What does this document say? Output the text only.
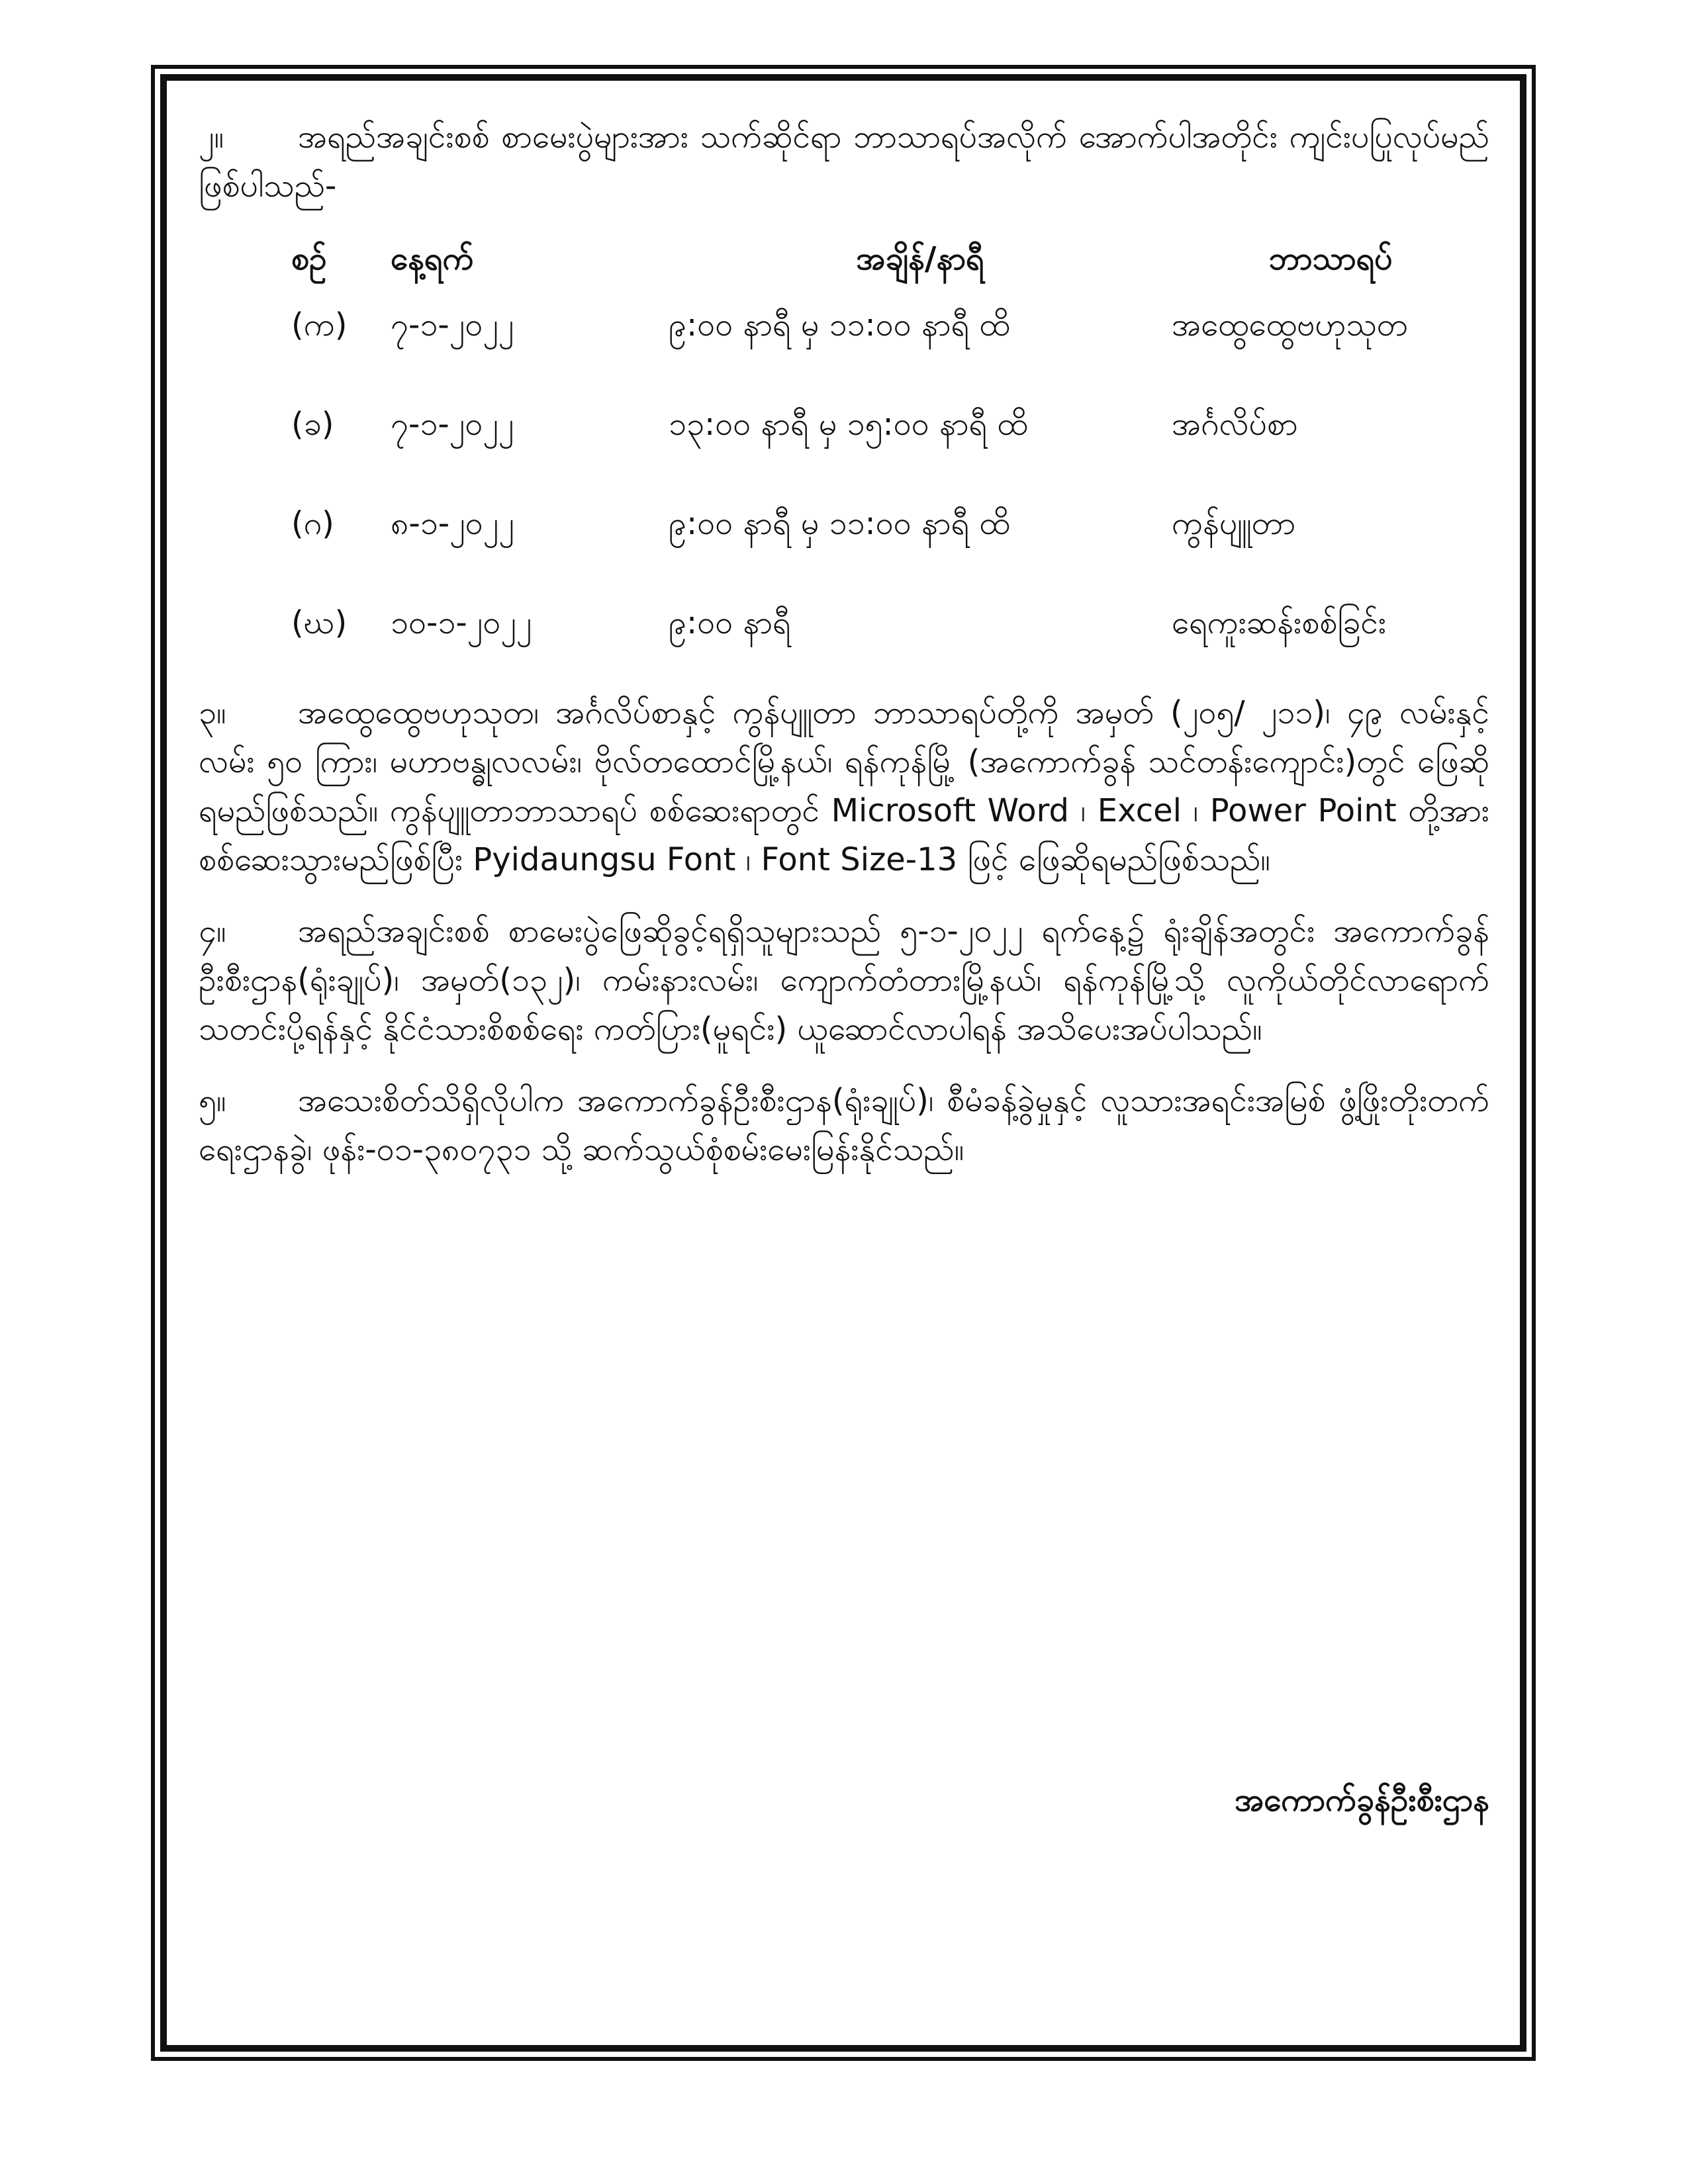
၂။ အရည်အချင်းစစ် စာမေးပွဲများအား သက်ဆိုင်ရာ ဘာသာရပ်အလိုက် အောက်ပါအတိုင်း ကျင်းပပြုလုပ်မည် ဖြစ်ပါသည်-

စဉ်	နေ့ရက်	အချိန်/နာရီ	ဘာသာရပ်
(က)	၇-၁-၂၀၂၂	၉:၀၀ နာရီ မှ ၁၁:၀၀ နာရီ ထိ	အထွေထွေဗဟုသုတ
(ခ)	၇-၁-၂၀၂၂	၁၃:၀၀ နာရီ မှ ၁၅:၀၀ နာရီ ထိ	အင်္ဂလိပ်စာ
(ဂ)	၈-၁-၂၀၂၂	၉:၀၀ နာရီ မှ ၁၁:၀၀ နာရီ ထိ	ကွန်ပျူတာ
(ဃ)	၁၀-၁-၂၀၂၂	၉:၀၀ နာရီ	ရေကူးဆန်းစစ်ခြင်း

၃။ အထွေထွေဗဟုသုတ၊ အင်္ဂလိပ်စာနှင့် ကွန်ပျူတာ ဘာသာရပ်တို့ကို အမှတ် (၂၀၅/ ၂၁၁)၊ ၄၉ လမ်းနှင့် လမ်း ၅၀ ကြား၊ မဟာဗန္ဓုလလမ်း၊ ဗိုလ်တထောင်မြို့နယ်၊ ရန်ကုန်မြို့ (အကောက်ခွန် သင်တန်းကျောင်း)တွင် ဖြေဆိုရမည်ဖြစ်သည်။ ကွန်ပျူတာဘာသာရပ် စစ်ဆေးရာတွင် Microsoft Word ၊ Excel ၊ Power Point တို့အား စစ်ဆေးသွားမည်ဖြစ်ပြီး Pyidaungsu Font ၊ Font Size-13 ဖြင့် ဖြေဆိုရမည်ဖြစ်သည်။

၄။ အရည်အချင်းစစ် စာမေးပွဲဖြေဆိုခွင့်ရရှိသူများသည် ၅-၁-၂၀၂၂ ရက်နေ့၌ ရုံးချိန်အတွင်း အကောက်ခွန်ဦးစီးဌာန(ရုံးချုပ်)၊ အမှတ်(၁၃၂)၊ ကမ်းနားလမ်း၊ ကျောက်တံတားမြို့နယ်၊ ရန်ကုန်မြို့သို့ လူကိုယ်တိုင်လာရောက်သတင်းပို့ရန်နှင့် နိုင်ငံသားစိစစ်ရေး ကတ်ပြား(မူရင်း) ယူဆောင်လာပါရန် အသိပေးအပ်ပါသည်။

၅။ အသေးစိတ်သိရှိလိုပါက အကောက်ခွန်ဦးစီးဌာန(ရုံးချုပ်)၊ စီမံခန့်ခွဲမှုနှင့် လူသားအရင်းအမြစ် ဖွံ့ဖြိုးတိုးတက်ရေးဌာနခွဲ၊ ဖုန်း-၀၁-၃၈၀၇၃၁ သို့ ဆက်သွယ်စုံစမ်းမေးမြန်းနိုင်သည်။

အကောက်ခွန်ဦးစီးဌာန
